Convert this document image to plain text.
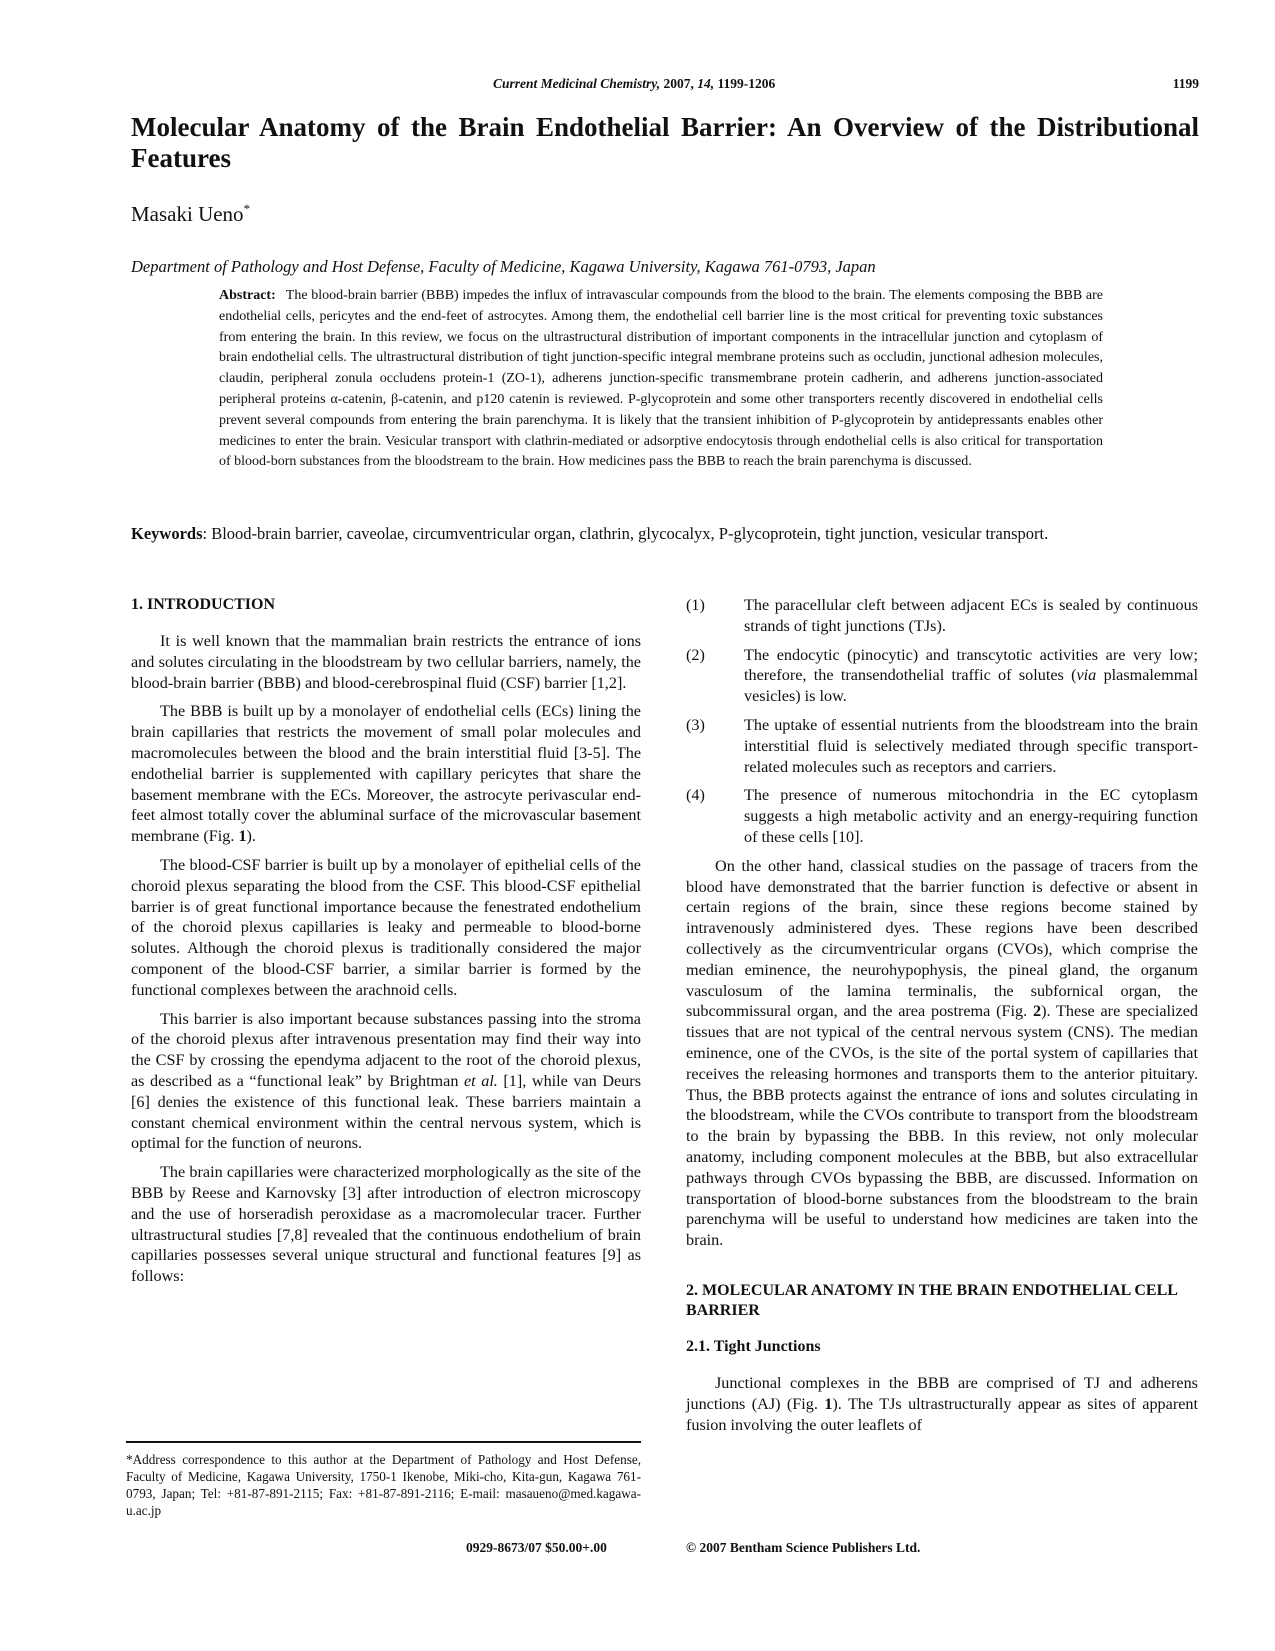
Current Medicinal Chemistry, 2007, 14, 1199-1206	1199
Molecular Anatomy of the Brain Endothelial Barrier: An Overview of the Distributional Features

Masaki Ueno*

Department of Pathology and Host Defense, Faculty of Medicine, Kagawa University, Kagawa 761-0793, Japan

Abstract: The blood-brain barrier (BBB) impedes the influx of intravascular compounds from the blood to the brain. The elements composing the BBB are endothelial cells, pericytes and the end-feet of astrocytes. Among them, the endothelial cell barrier line is the most critical for preventing toxic substances from entering the brain. In this review, we focus on the ultrastructural distribution of important components in the intracellular junction and cytoplasm of brain endothelial cells. The ultrastructural distribution of tight junction-specific integral membrane proteins such as occludin, junctional adhesion molecules, claudin, peripheral zonula occludens protein-1 (ZO-1), adherens junction-specific transmembrane protein cadherin, and adherens junction-associated peripheral proteins α-catenin, β-catenin, and p120 catenin is reviewed. P-glycoprotein and some other transporters recently discovered in endothelial cells prevent several compounds from entering the brain parenchyma. It is likely that the transient inhibition of P-glycoprotein by antidepressants enables other medicines to enter the brain. Vesicular transport with clathrin-mediated or adsorptive endocytosis through endothelial cells is also critical for transportation of blood-born substances from the bloodstream to the brain. How medicines pass the BBB to reach the brain parenchyma is discussed.

Keywords: Blood-brain barrier, caveolae, circumventricular organ, clathrin, glycocalyx, P-glycoprotein, tight junction, vesicular transport.

1. INTRODUCTION

It is well known that the mammalian brain restricts the entrance of ions and solutes circulating in the bloodstream by two cellular barriers, namely, the blood-brain barrier (BBB) and blood-cerebrospinal fluid (CSF) barrier [1,2].

The BBB is built up by a monolayer of endothelial cells (ECs) lining the brain capillaries that restricts the movement of small polar molecules and macromolecules between the blood and the brain interstitial fluid [3-5]. The endothelial barrier is supplemented with capillary pericytes that share the basement membrane with the ECs. Moreover, the astrocyte perivascular end-feet almost totally cover the abluminal surface of the microvascular basement membrane (Fig. 1).

The blood-CSF barrier is built up by a monolayer of epithelial cells of the choroid plexus separating the blood from the CSF. This blood-CSF epithelial barrier is of great functional importance because the fenestrated endothelium of the choroid plexus capillaries is leaky and permeable to blood-borne solutes. Although the choroid plexus is traditionally considered the major component of the blood-CSF barrier, a similar barrier is formed by the functional complexes between the arachnoid cells.

This barrier is also important because substances passing into the stroma of the choroid plexus after intravenous presentation may find their way into the CSF by crossing the ependyma adjacent to the root of the choroid plexus, as described as a “functional leak” by Brightman et al. [1], while van Deurs [6] denies the existence of this functional leak. These barriers maintain a constant chemical environment within the central nervous system, which is optimal for the function of neurons.

The brain capillaries were characterized morphologically as the site of the BBB by Reese and Karnovsky [3] after introduction of electron microscopy and the use of horseradish peroxidase as a macromolecular tracer. Further ultrastructural studies [7,8] revealed that the continuous endothelium of brain capillaries possesses several unique structural and functional features [9] as follows:

(1) The paracellular cleft between adjacent ECs is sealed by continuous strands of tight junctions (TJs).
(2) The endocytic (pinocytic) and transcytotic activities are very low; therefore, the transendothelial traffic of solutes (via plasmalemmal vesicles) is low.
(3) The uptake of essential nutrients from the bloodstream into the brain interstitial fluid is selectively mediated through specific transport-related molecules such as receptors and carriers.
(4) The presence of numerous mitochondria in the EC cytoplasm suggests a high metabolic activity and an energy-requiring function of these cells [10].

On the other hand, classical studies on the passage of tracers from the blood have demonstrated that the barrier function is defective or absent in certain regions of the brain, since these regions become stained by intravenously administered dyes. These regions have been described collectively as the circumventricular organs (CVOs), which comprise the median eminence, the neurohypophysis, the pineal gland, the organum vasculosum of the lamina terminalis, the subfornical organ, the subcommissural organ, and the area postrema (Fig. 2). These are specialized tissues that are not typical of the central nervous system (CNS). The median eminence, one of the CVOs, is the site of the portal system of capillaries that receives the releasing hormones and transports them to the anterior pituitary. Thus, the BBB protects against the entrance of ions and solutes circulating in the bloodstream, while the CVOs contribute to transport from the bloodstream to the brain by bypassing the BBB. In this review, not only molecular anatomy, including component molecules at the BBB, but also extracellular pathways through CVOs bypassing the BBB, are discussed. Information on transportation of blood-borne substances from the bloodstream to the brain parenchyma will be useful to understand how medicines are taken into the brain.

2. MOLECULAR ANATOMY IN THE BRAIN ENDOTHELIAL CELL BARRIER

2.1. Tight Junctions

Junctional complexes in the BBB are comprised of TJ and adherens junctions (AJ) (Fig. 1). The TJs ultrastructurally appear as sites of apparent fusion involving the outer leaflets of

*Address correspondence to this author at the Department of Pathology and Host Defense, Faculty of Medicine, Kagawa University, 1750-1 Ikenobe, Miki-cho, Kita-gun, Kagawa 761-0793, Japan; Tel: +81-87-891-2115; Fax: +81-87-891-2116; E-mail: masaueno@med.kagawa-u.ac.jp

0929-8673/07 $50.00+.00	© 2007 Bentham Science Publishers Ltd.
